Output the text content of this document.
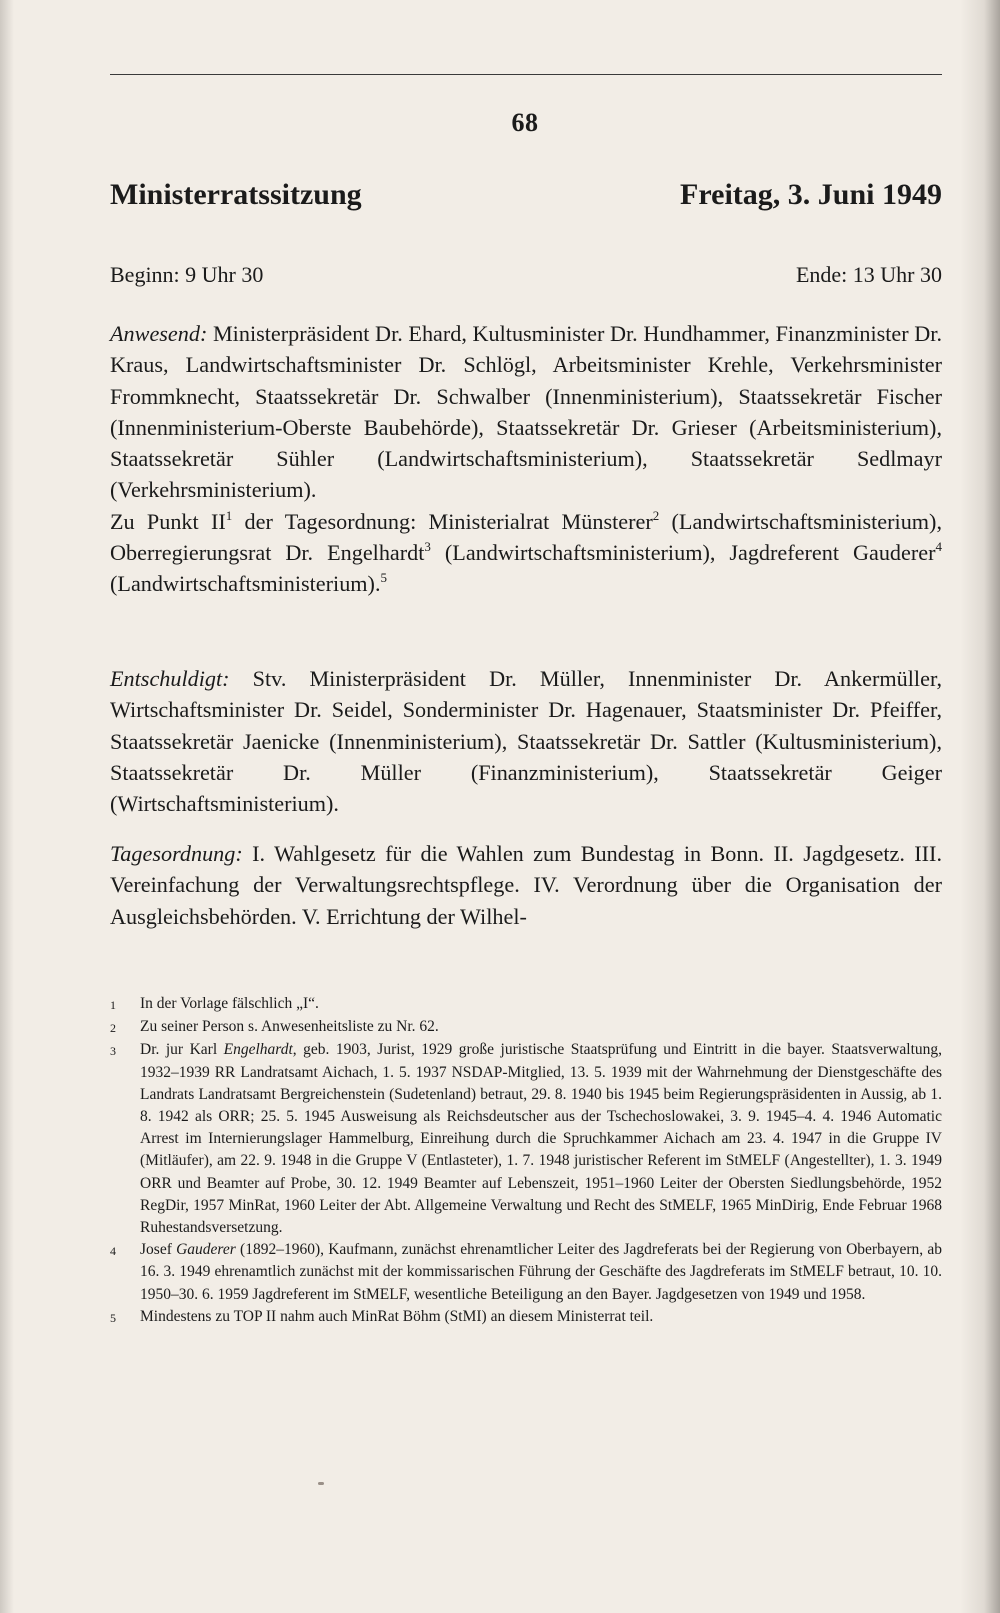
68
Ministerratssitzung	Freitag, 3. Juni 1949
Beginn: 9 Uhr 30	Ende: 13 Uhr 30

Anwesend: Ministerpräsident Dr. Ehard, Kultusminister Dr. Hundhammer, Finanzminister Dr. Kraus, Landwirtschaftsminister Dr. Schlögl, Arbeitsminister Krehle, Verkehrsminister Frommknecht, Staatssekretär Dr. Schwalber (Innenministerium), Staatssekretär Fischer (Innenministerium-Oberste Baubehörde), Staatssekretär Dr. Grieser (Arbeitsministerium), Staatssekretär Sühler (Landwirtschaftsministerium), Staatssekretär Sedlmayr (Verkehrsministerium).

Zu Punkt $II^1$ der Tagesordnung: Ministerialrat Münsterer$^2$ (Landwirtschaftsministerium), Oberregierungsrat Dr. Engelhardt$^3$ (Landwirtschaftsministerium), Jagdreferent Gauderer$^4$ (Landwirtschaftsministerium).$^5$

Entschuldigt: Stv. Ministerpräsident Dr. Müller, Innenminister Dr. Ankermüller, Wirtschaftsminister Dr. Seidel, Sonderminister Dr. Hagenauer, Staatsminister Dr. Pfeiffer, Staatssekretär Jaenicke (Innenministerium), Staatssekretär Dr. Sattler (Kultusministerium), Staatssekretär Dr. Müller (Finanzministerium), Staatssekretär Geiger (Wirtschaftsministerium).

Tagesordnung: I. Wahlgesetz für die Wahlen zum Bundestag in Bonn. II. Jagdgesetz. III. Vereinfachung der Verwaltungsrechtspflege. IV. Verordnung über die Organisation der Ausgleichsbehörden. V. Errichtung der Wilhel-

1	In der Vorlage fälschlich „I“.
2	Zu seiner Person s. Anwesenheitsliste zu Nr. 62.
3	Dr. jur Karl Engelhardt, geb. 1903, Jurist, 1929 große juristische Staatsprüfung und Eintritt in die bayer. Staatsverwaltung, 1932–1939 RR Landratsamt Aichach, 1. 5. 1937 NSDAP-Mitglied, 13. 5. 1939 mit der Wahrnehmung der Dienstgeschäfte des Landrats Landratsamt Bergreichenstein (Sudetenland) betraut, 29. 8. 1940 bis 1945 beim Regierungspräsidenten in Aussig, ab 1. 8. 1942 als ORR; 25. 5. 1945 Ausweisung als Reichsdeutscher aus der Tschechoslowakei, 3. 9. 1945–4. 4. 1946 Automatic Arrest im Internierungslager Hammelburg, Einreihung durch die Spruchkammer Aichach am 23. 4. 1947 in die Gruppe IV (Mitläufer), am 22. 9. 1948 in die Gruppe V (Entlasteter), 1. 7. 1948 juristischer Referent im StMELF (Angestellter), 1. 3. 1949 ORR und Beamter auf Probe, 30. 12. 1949 Beamter auf Lebenszeit, 1951–1960 Leiter der Obersten Siedlungsbehörde, 1952 RegDir, 1957 MinRat, 1960 Leiter der Abt. Allgemeine Verwaltung und Recht des StMELF, 1965 MinDirig, Ende Februar 1968 Ruhestandsversetzung.
4	Josef Gauderer (1892–1960), Kaufmann, zunächst ehrenamtlicher Leiter des Jagdreferats bei der Regierung von Oberbayern, ab 16. 3. 1949 ehrenamtlich zunächst mit der kommissarischen Führung der Geschäfte des Jagdreferats im StMELF betraut, 10. 10. 1950–30. 6. 1959 Jagdreferent im StMELF, wesentliche Beteiligung an den Bayer. Jagdgesetzen von 1949 und 1958.
5	Mindestens zu TOP II nahm auch MinRat Böhm (StMI) an diesem Ministerrat teil.
